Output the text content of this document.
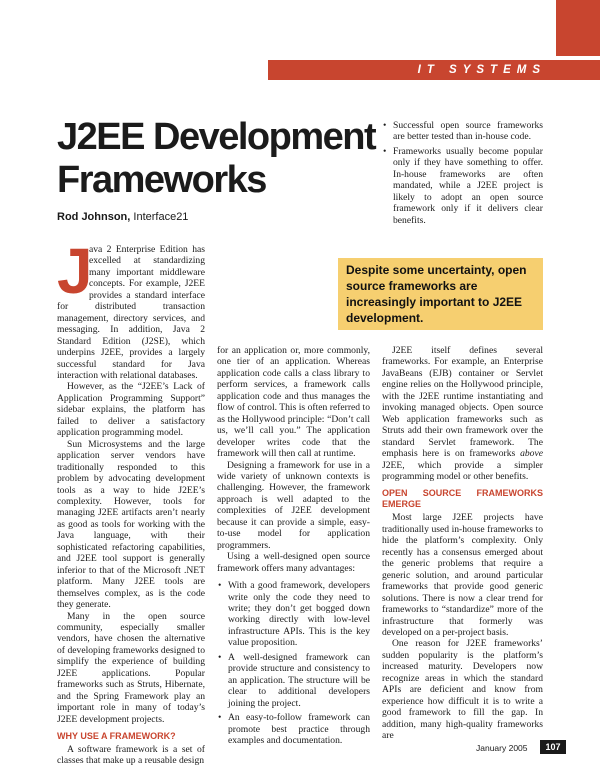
IT SYSTEMS PERSPECTIVES
J2EE Development Frameworks
Rod Johnson, Interface21
• Successful open source frameworks are better tested than in-house code.
• Frameworks usually become popular only if they have something to offer. In-house frameworks are often mandated, while a J2EE project is likely to adopt an open source framework only if it delivers clear benefits.
Despite some uncertainty, open source frameworks are increasingly important to J2EE development.
J

ava 2 Enterprise Edition has excelled at standardizing many important middleware concepts. For example, J2EE provides a standard interface for distributed transaction management, directory services, and messaging. In addition, Java 2 Standard Edition (J2SE), which underpins J2EE, provides a largely successful standard for Java interaction with relational databases.

However, as the “J2EE’s Lack of Application Programming Support” sidebar explains, the platform has failed to deliver a satisfactory application programming model.

Sun Microsystems and the large application server vendors have traditionally responded to this problem by advocating development tools as a way to hide J2EE’s complexity. However, tools for managing J2EE artifacts aren’t nearly as good as tools for working with the Java language, with their sophisticated refactoring capabilities, and J2EE tool support is generally inferior to that of the Microsoft .NET platform. Many J2EE tools are themselves complex, as is the code they generate.

Many in the open source community, especially smaller vendors, have chosen the alternative of developing frameworks designed to simplify the experience of building J2EE applications. Popular frameworks such as Struts, Hibernate, and the Spring Framework play an important role in many of today’s J2EE development projects.

WHY USE A FRAMEWORK?

A software framework is a set of classes that make up a reusable design

for an application or, more commonly, one tier of an application. Whereas application code calls a class library to perform services, a framework calls application code and thus manages the flow of control. This is often referred to as the Hollywood principle: “Don’t call us, we’ll call you.” The application developer writes code that the framework will then call at runtime.

Designing a framework for use in a wide variety of unknown contexts is challenging. However, the framework approach is well adapted to the complexities of J2EE development because it can provide a simple, easy-to-use model for application programmers.

Using a well-designed open source framework offers many advantages:

• With a good framework, developers write only the code they need to write; they don’t get bogged down working directly with low-level infrastructure APIs. This is the key value proposition.
• A well-designed framework can provide structure and consistency to an application. The structure will be clear to additional developers joining the project.
• An easy-to-follow framework can promote best practice through examples and documentation.

J2EE itself defines several frameworks. For example, an Enterprise JavaBeans (EJB) container or Servlet engine relies on the Hollywood principle, with the J2EE runtime instantiating and invoking managed objects. Open source Web application frameworks such as Struts add their own framework over the standard Servlet framework. The emphasis here is on frameworks above J2EE, which provide a simpler programming model or other benefits.

OPEN SOURCE FRAMEWORKS EMERGE

Most large J2EE projects have traditionally used in-house frameworks to hide the platform’s complexity. Only recently has a consensus emerged about the generic problems that require a generic solution, and around particular frameworks that provide good generic solutions. There is now a clear trend for frameworks to “standardize” more of the infrastructure that formerly was developed on a per-project basis.

One reason for J2EE frameworks’ sudden popularity is the platform’s increased maturity. Developers now recognize areas in which the standard APIs are deficient and know from experience how difficult it is to write a good framework to fill the gap. In addition, many high-quality frameworks are

January 2005	107
